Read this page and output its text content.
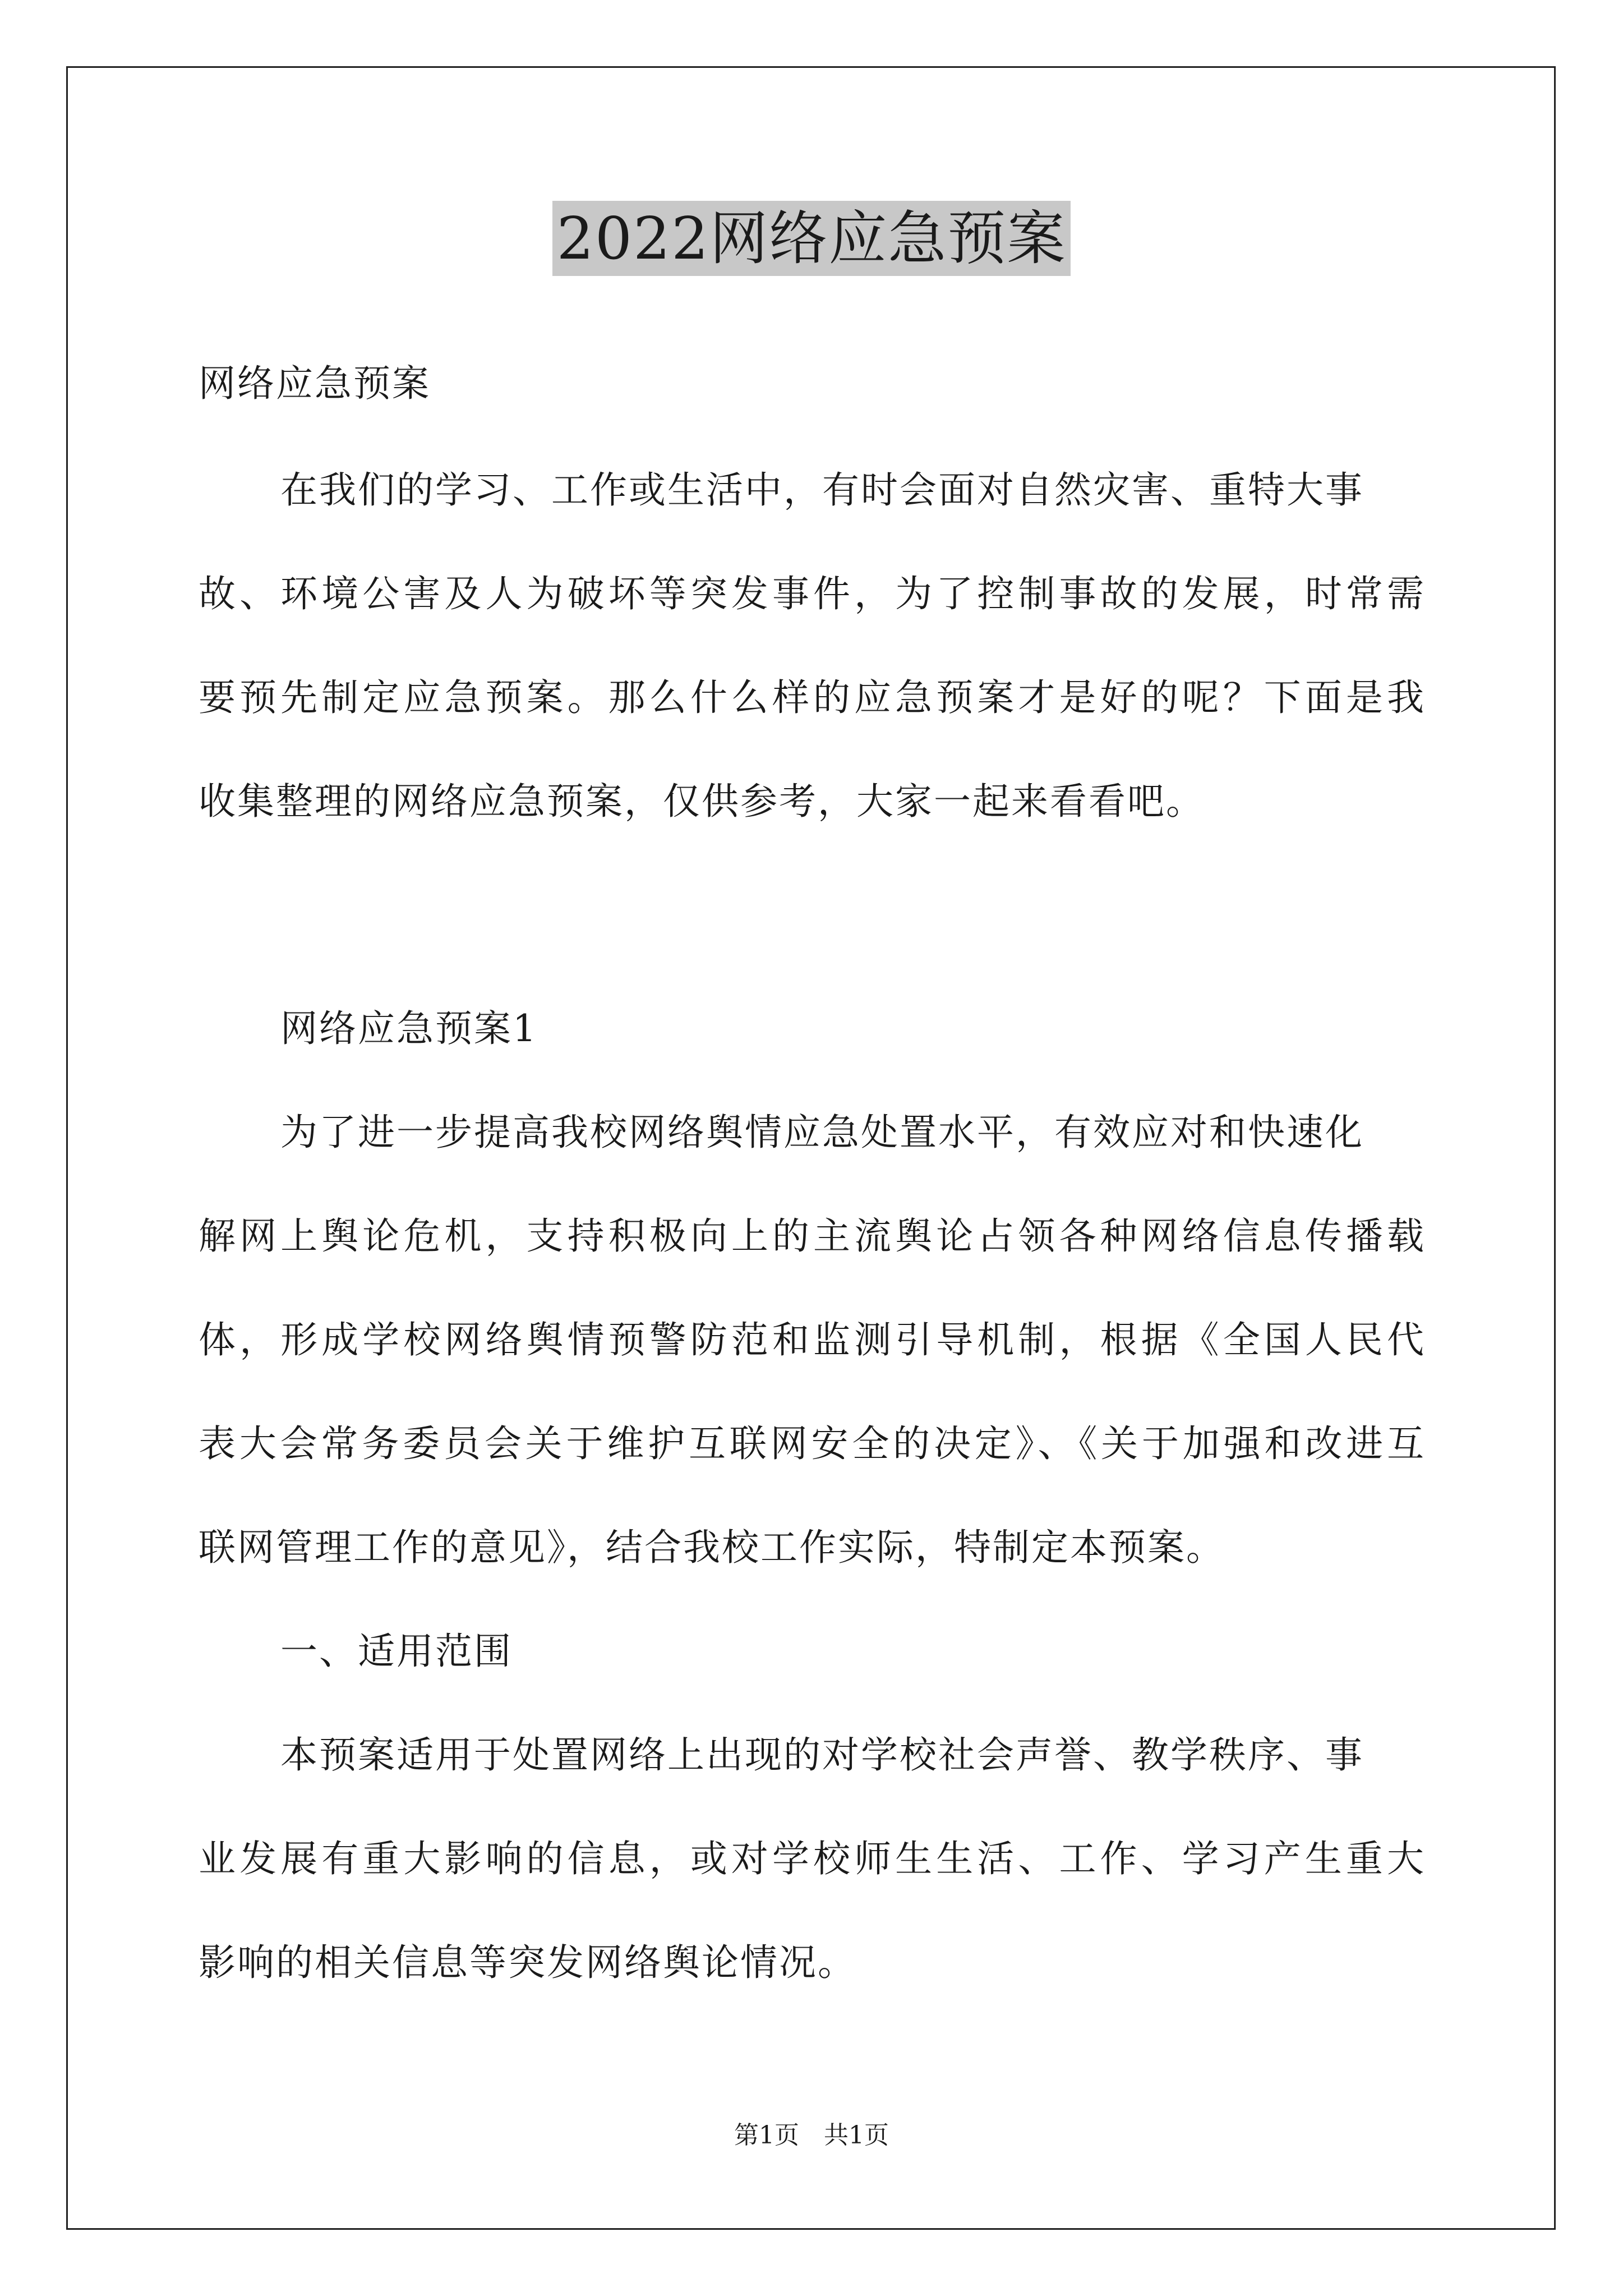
2022网络应急预案
网络应急预案
在我们的学习、工作或生活中，有时会面对自然灾害、重特大事
故、环境公害及人为破坏等突发事件，为了控制事故的发展，时常需
要预先制定应急预案。那么什么样的应急预案才是好的呢？下面是我
收集整理的网络应急预案，仅供参考，大家一起来看看吧。
网络应急预案1
为了进一步提高我校网络舆情应急处置水平，有效应对和快速化
解网上舆论危机，支持积极向上的主流舆论占领各种网络信息传播载
体，形成学校网络舆情预警防范和监测引导机制，根据《全国人民代
表大会常务委员会关于维护互联网安全的决定》、《关于加强和改进互
联网管理工作的意见》，结合我校工作实际，特制定本预案。
一、适用范围
本预案适用于处置网络上出现的对学校社会声誉、教学秩序、事
业发展有重大影响的信息，或对学校师生生活、工作、学习产生重大
影响的相关信息等突发网络舆论情况。
第1页　共1页
